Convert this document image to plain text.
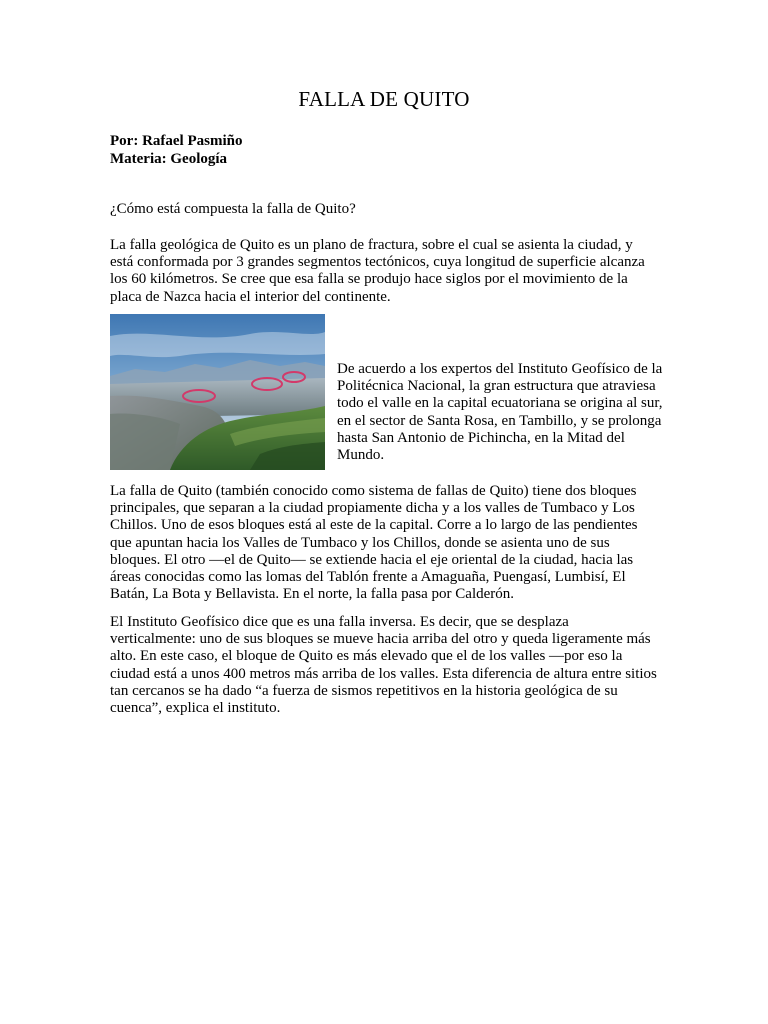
FALLA DE QUITO
Por: Rafael Pasmiño
Materia: Geología

¿Cómo está compuesta la falla de Quito?

La falla geológica de Quito es un plano de fractura, sobre el cual se asienta la ciudad, y está conformada por 3 grandes segmentos tectónicos, cuya longitud de superficie alcanza los 60 kilómetros. Se cree que esa falla se produjo hace siglos por el movimiento de la placa de Nazca hacia el interior del continente.

De acuerdo a los expertos del Instituto Geofísico de la Politécnica Nacional, la gran estructura que atraviesa todo el valle en la capital ecuatoriana se origina al sur, en el sector de Santa Rosa, en Tambillo, y se prolonga hasta San Antonio de Pichincha, en la Mitad del Mundo.

La falla de Quito (también conocido como sistema de fallas de Quito) tiene dos bloques principales, que separan a la ciudad propiamente dicha y a los valles de Tumbaco y Los Chillos. Uno de esos bloques está al este de la capital. Corre a lo largo de las pendientes que apuntan hacia los Valles de Tumbaco y los Chillos, donde se asienta uno de sus bloques. El otro —el de Quito— se extiende hacia el eje oriental de la ciudad, hacia las áreas conocidas como las lomas del Tablón frente a Amaguaña, Puengasí, Lumbisí, El Batán, La Bota y Bellavista. En el norte, la falla pasa por Calderón.

El Instituto Geofísico dice que es una falla inversa. Es decir, que se desplaza verticalmente: uno de sus bloques se mueve hacia arriba del otro y queda ligeramente más alto. En este caso, el bloque de Quito es más elevado que el de los valles —por eso la ciudad está a unos 400 metros más arriba de los valles. Esta diferencia de altura entre sitios tan cercanos se ha dado “a fuerza de sismos repetitivos en la historia geológica de su cuenca”, explica el instituto.
